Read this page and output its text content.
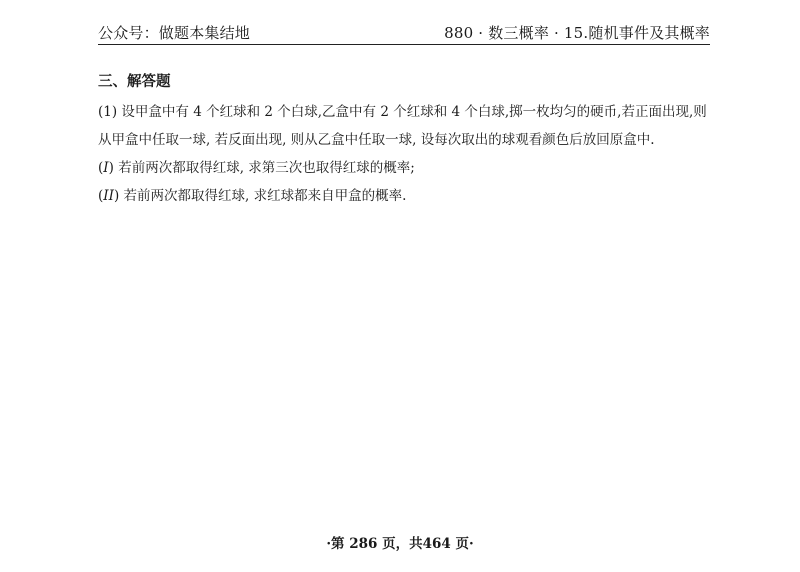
公众号：做题本集结地	880 · 数三概率 · 15.随机事件及其概率
三、解答题

(1) 设甲盒中有 4 个红球和 2 个白球,乙盒中有 2 个红球和 4 个白球,掷一枚均匀的硬币,若正面出现,则

从甲盒中任取一球, 若反面出现, 则从乙盒中任取一球, 设每次取出的球观看颜色后放回原盒中.

(I) 若前两次都取得红球, 求第三次也取得红球的概率;

(II) 若前两次都取得红球, 求红球都来自甲盒的概率.

·第 286 页，共464 页·
